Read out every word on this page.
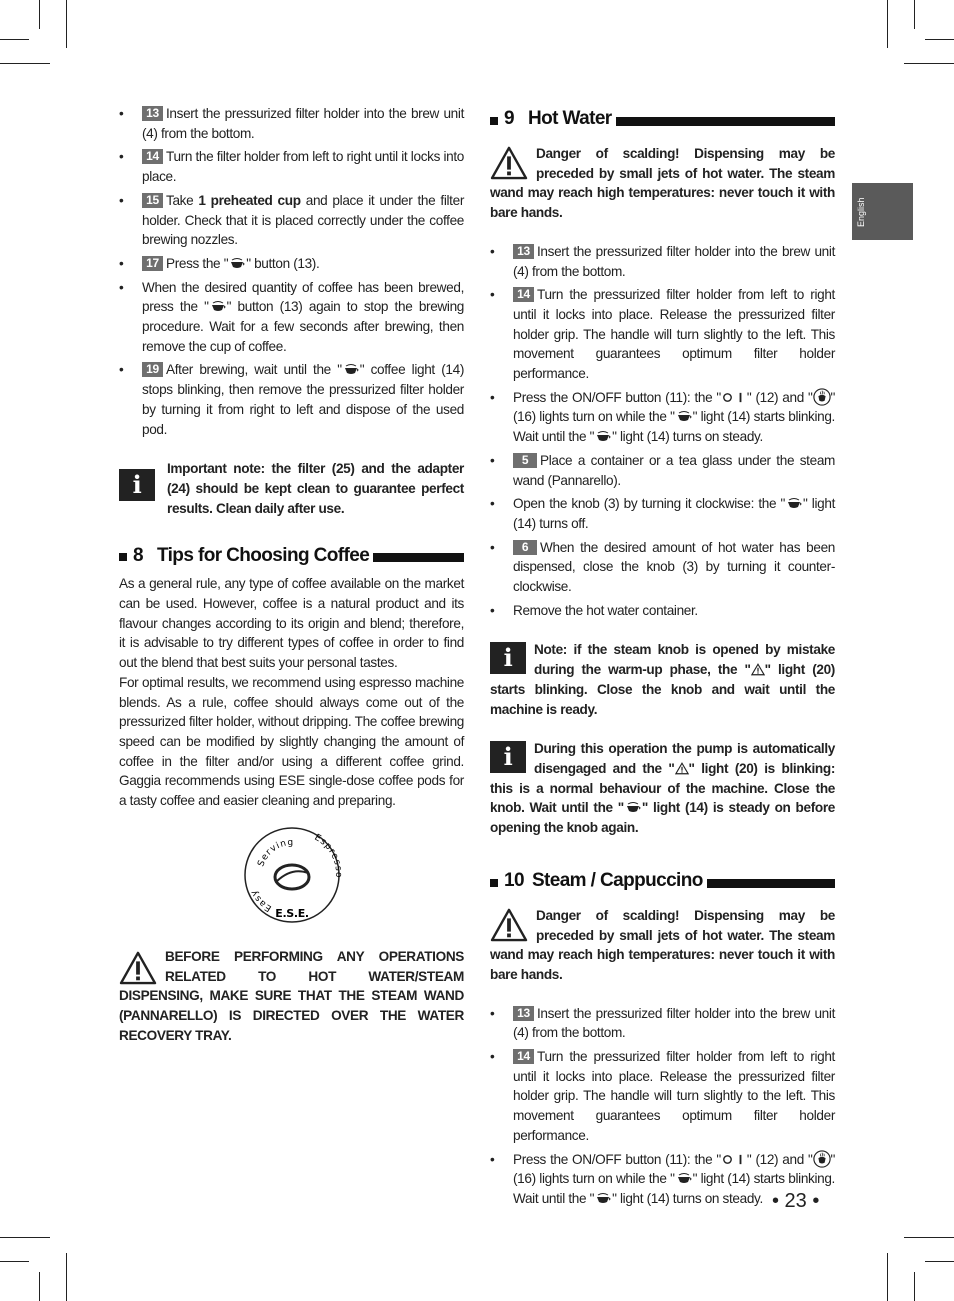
English
• 13 Insert the pressurized filter holder into the brew unit (4) from the bottom.
• 14 Turn the filter holder from left to right until it locks into place.
• 15 Take 1 preheated cup and place it under the filter holder. Check that it is placed correctly under the coffee brewing nozzles.
• 17 Press the " " button (13).
• When the desired quantity of coffee has been brewed, press the " " button (13) again to stop the brewing procedure. Wait for a few seconds after brewing, then remove the cup of coffee.
• 19 After brewing, wait until the " " coffee light (14) stops blinking, then remove the pressurized filter holder by turning it from right to left and dispose of the used pod.
i
Important note: the filter (25) and the adapter (24) should be kept clean to guarantee perfect results. Clean daily after use.
8 Tips for Choosing Coffee
As a general rule, any type of coffee available on the market can be used. However, coffee is a natural product and its flavour changes according to its origin and blend; therefore, it is advisable to try different types of coffee in order to find out the blend that best suits your personal tastes.
For optimal results, we recommend using espresso machine blends. As a rule, coffee should always come out of the pressurized filter holder, without dripping. The coffee brewing speed can be modified by slightly changing the amount of coffee in the filter and/or using a different coffee grind. Gaggia recommends using ESE single-dose coffee pods for a tasty coffee and easier cleaning and preparing.
Serving
Easy
Espres
E.S.E.
BEFORE PERFORMING ANY OPERATIONS RELATED TO HOT WATER/STEAM DISPENSING, MAKE SURE THAT THE STEAM WAND (PANNARELLO) IS DIRECTED OVER THE WATER RECOVERY TRAY.
9 Hot Water
Danger of scalding! Dispensing may be preceded by small jets of hot water. The steam wand may reach high temperatures: never touch it with bare hands.
• 13 Insert the pressurized filter holder into the brew unit (4) from the bottom.
• 14 Turn the pressurized filter holder from left to right until it locks into place. Release the pressurized filter holder grip. The handle will turn slightly to the left. This movement guarantees optimum filter holder performance.
• Press the ON/OFF button (11): the " " (12) and " " (16) lights turn on while the " " light (14) starts blinking. Wait until the " " light (14) turns on steady.
• 5 Place a container or a tea glass under the steam wand (Pannarello).
• Open the knob (3) by turning it clockwise: the " " light (14) turns off.
• 6 When the desired amount of hot water has been dispensed, close the knob (3) by turning it counter-clockwise.
• Remove the hot water container.
i	Note: if the steam knob is opened by mistake during the warm-up phase, the " " light (20) starts blinking. Close the knob and wait until the machine is ready.
i	During this operation the pump is automatically disengaged and the " " light (20) is blinking: this is a normal behaviour of the machine. Close the knob. Wait until the " " light (14) is steady on before opening the knob again.
10 Steam / Cappuccino
Danger of scalding! Dispensing may be preceded by small jets of hot water. The steam wand may reach high temperatures: never touch it with bare hands.
• 13 Insert the pressurized filter holder into the brew unit (4) from the bottom.
• 14 Turn the pressurized filter holder from left to right until it locks into place. Release the pressurized filter holder grip. The handle will turn slightly to the left. This movement guarantees optimum filter holder performance.
• Press the ON/OFF button (11): the " " (12) and " " (16) lights turn on while the " " light (14) starts blinking. Wait until the " " light (14) turns on steady. • 23 •
